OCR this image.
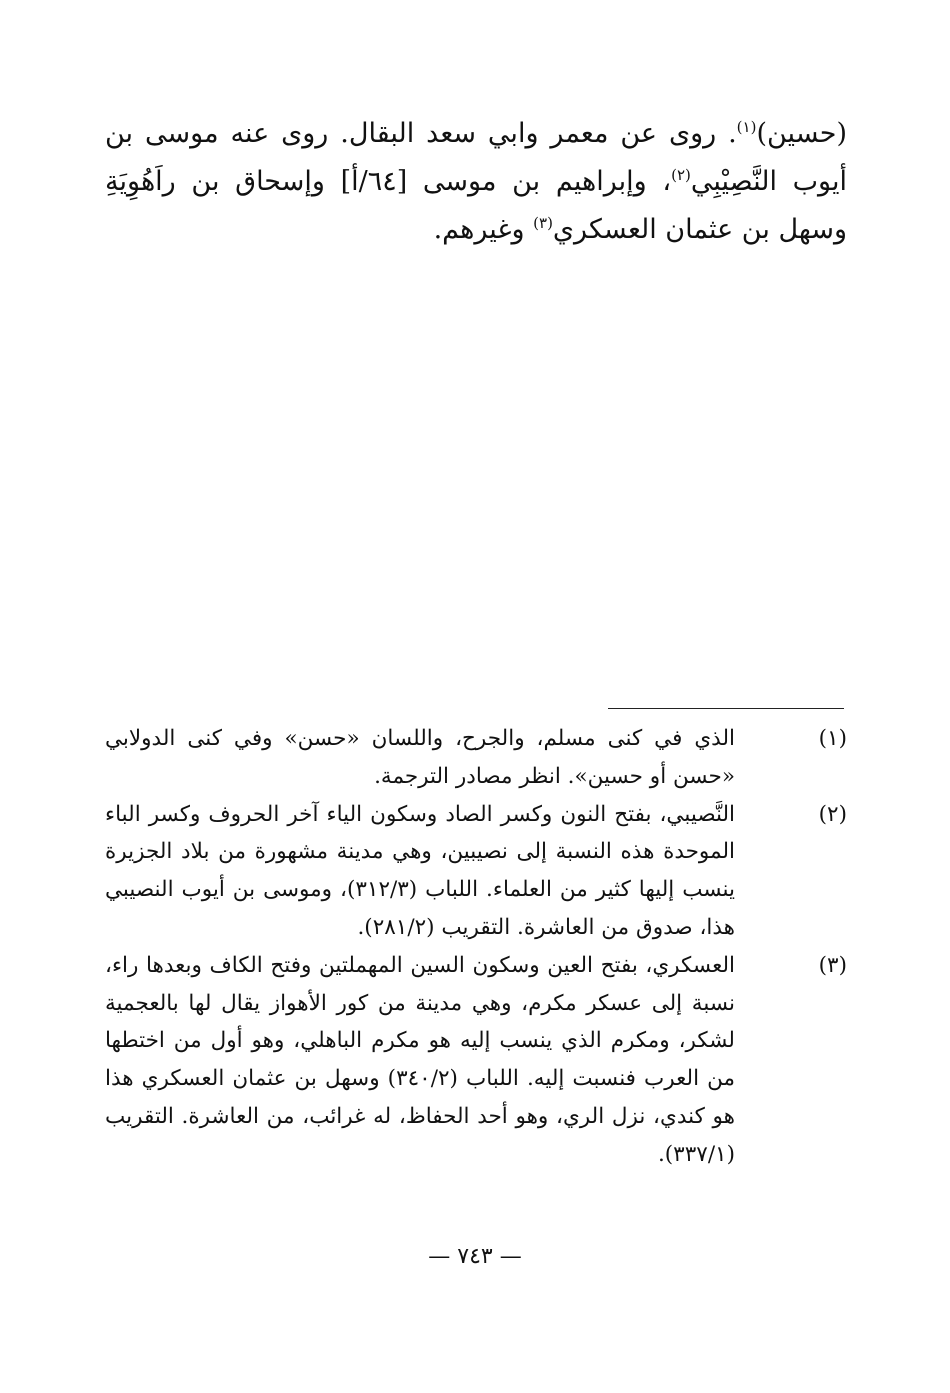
(حسين)$^{(١)}$. روى عن معمر وابي سعد البقال. روى عنه موسى بن أيوب النَّصِيْبِي$^{(٢)}$، وإبراهيم بن موسى [٦٤/أ] وإسحاق بن راَهُوِيَةِ وسهل بن عثمان العسكري$^{(٣)}$ وغيرهم.

(١)
الذي في كنى مسلم، والجرح، واللسان «حسن» وفي كنى الدولابي «حسن أو حسين». انظر مصادر الترجمة.
(٢)
النَّصيبي، بفتح النون وكسر الصاد وسكون الياء آخر الحروف وكسر الباء الموحدة هذه النسبة إلى نصيبين، وهي مدينة مشهورة من بلاد الجزيرة ينسب إليها كثير من العلماء. اللباب (٣١٢/٣)، وموسى بن أيوب النصيبي هذا، صدوق من العاشرة. التقريب (٢٨١/٢).
(٣)
العسكري، بفتح العين وسكون السين المهملتين وفتح الكاف وبعدها راء، نسبة إلى عسكر مكرم، وهي مدينة من كور الأهواز يقال لها بالعجمية لشكر، ومكرم الذي ينسب إليه هو مكرم الباهلي، وهو أول من اختطها من العرب فنسبت إليه. اللباب (٣٤٠/٢) وسهل بن عثمان العسكري هذا هو كندي، نزل الري، وهو أحد الحفاظ، له غرائب، من العاشرة. التقريب (٣٣٧/١).
— ٧٤٣ —
